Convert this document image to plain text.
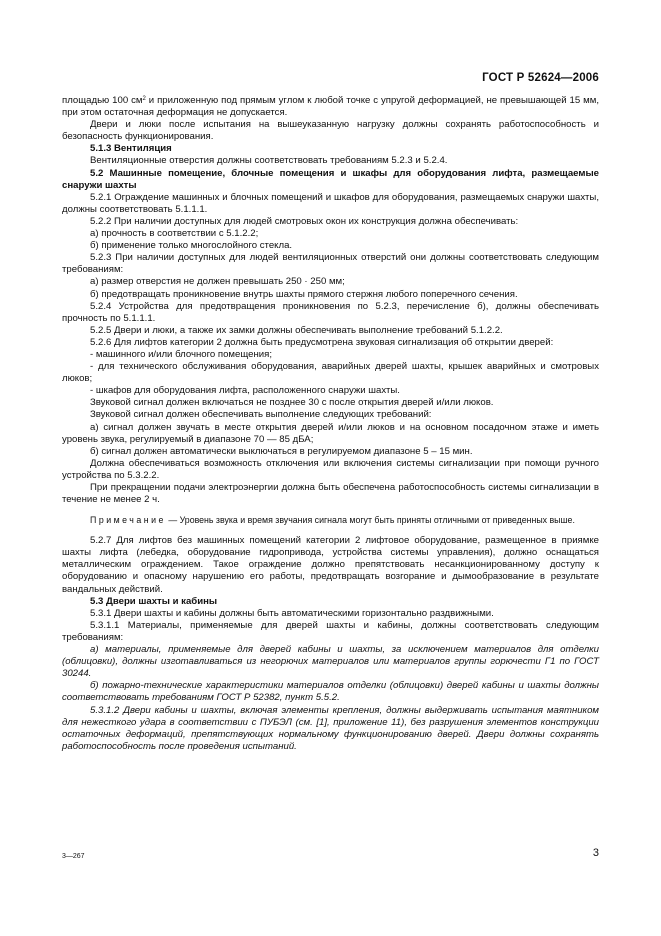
ГОСТ Р 52624—2006

площадью 100 $см^2$ и приложенную под прямым углом к любой точке с упругой деформацией, не превышающей 15 мм, при этом остаточная деформация не допускается.

Двери и люки после испытания на вышеуказанную нагрузку должны сохранять работоспособность и безопасность функционирования.

5.1.3 Вентиляция

Вентиляционные отверстия должны соответствовать требованиям 5.2.3 и 5.2.4.

5.2 Машинные помещение, блочные помещения и шкафы для оборудования лифта, размещаемые снаружи шахты

5.2.1 Ограждение машинных и блочных помещений и шкафов для оборудования, размещаемых снаружи шахты, должны соответствовать 5.1.1.1.

5.2.2 При наличии доступных для людей смотровых окон их конструкция должна обеспечивать:

а) прочность в соответствии с 5.1.2.2;

б) применение только многослойного стекла.

5.2.3 При наличии доступных для людей вентиляционных отверстий они должны соответствовать следующим требованиям:

а) размер отверстия не должен превышать 250 · 250 мм;

б) предотвращать проникновение внутрь шахты прямого стержня любого поперечного сечения.

5.2.4 Устройства для предотвращения проникновения по 5.2.3, перечисление б), должны обеспечивать прочность по 5.1.1.1.

5.2.5 Двери и люки, а также их замки должны обеспечивать выполнение требований 5.1.2.2.

5.2.6 Для лифтов категории 2 должна быть предусмотрена звуковая сигнализация об открытии дверей:

- машинного и/или блочного помещения;

- для технического обслуживания оборудования, аварийных дверей шахты, крышек аварийных и смотровых люков;

- шкафов для оборудования лифта, расположенного снаружи шахты.

Звуковой сигнал должен включаться не позднее 30 с после открытия дверей и/или люков.

Звуковой сигнал должен обеспечивать выполнение следующих требований:

а) сигнал должен звучать в месте открытия дверей и/или люков и на основном посадочном этаже и иметь уровень звука, регулируемый в диапазоне 70 — 85 дБА;

б) сигнал должен автоматически выключаться в регулируемом диапазоне 5 – 15 мин.

Должна обеспечиваться возможность отключения или включения системы сигнализации при помощи ручного устройства по 5.3.2.2.

При прекращении подачи электроэнергии должна быть обеспечена работоспособность системы сигнализации в течение не менее 2 ч.

Примечание — Уровень звука и время звучания сигнала могут быть приняты отличными от приведенных выше.

5.2.7 Для лифтов без машинных помещений категории 2 лифтовое оборудование, размещенное в приямке шахты лифта (лебедка, оборудование гидропривода, устройства системы управления), должно оснащаться металлическим ограждением. Такое ограждение должно препятствовать несанкционированному доступу к оборудованию и опасному нарушению его работы, предотвращать возгорание и дымообразование в результате вандальных действий.

5.3 Двери шахты и кабины

5.3.1 Двери шахты и кабины должны быть автоматическими горизонтально раздвижными.

5.3.1.1 Материалы, применяемые для дверей шахты и кабины, должны соответствовать следующим требованиям:

а) материалы, применяемые для дверей кабины и шахты, за исключением материалов для отделки (облицовки), должны изготавливаться из негорючих материалов или материалов группы горючести Г1 по ГОСТ 30244.

б) пожарно-технические характеристики материалов отделки (облицовки) дверей кабины и шахты должны соответствовать требованиям ГОСТ Р 52382, пункт 5.5.2.

5.3.1.2 Двери кабины и шахты, включая элементы крепления, должны выдерживать испытания маятником для нежесткого удара в соответствии с ПУБЭЛ (см. [1], приложение 11), без разрушения элементов конструкции остаточных деформаций, препятствующих нормальному функционированию дверей. Двери должны сохранять работоспособность после проведения испытаний.

3—267	3
